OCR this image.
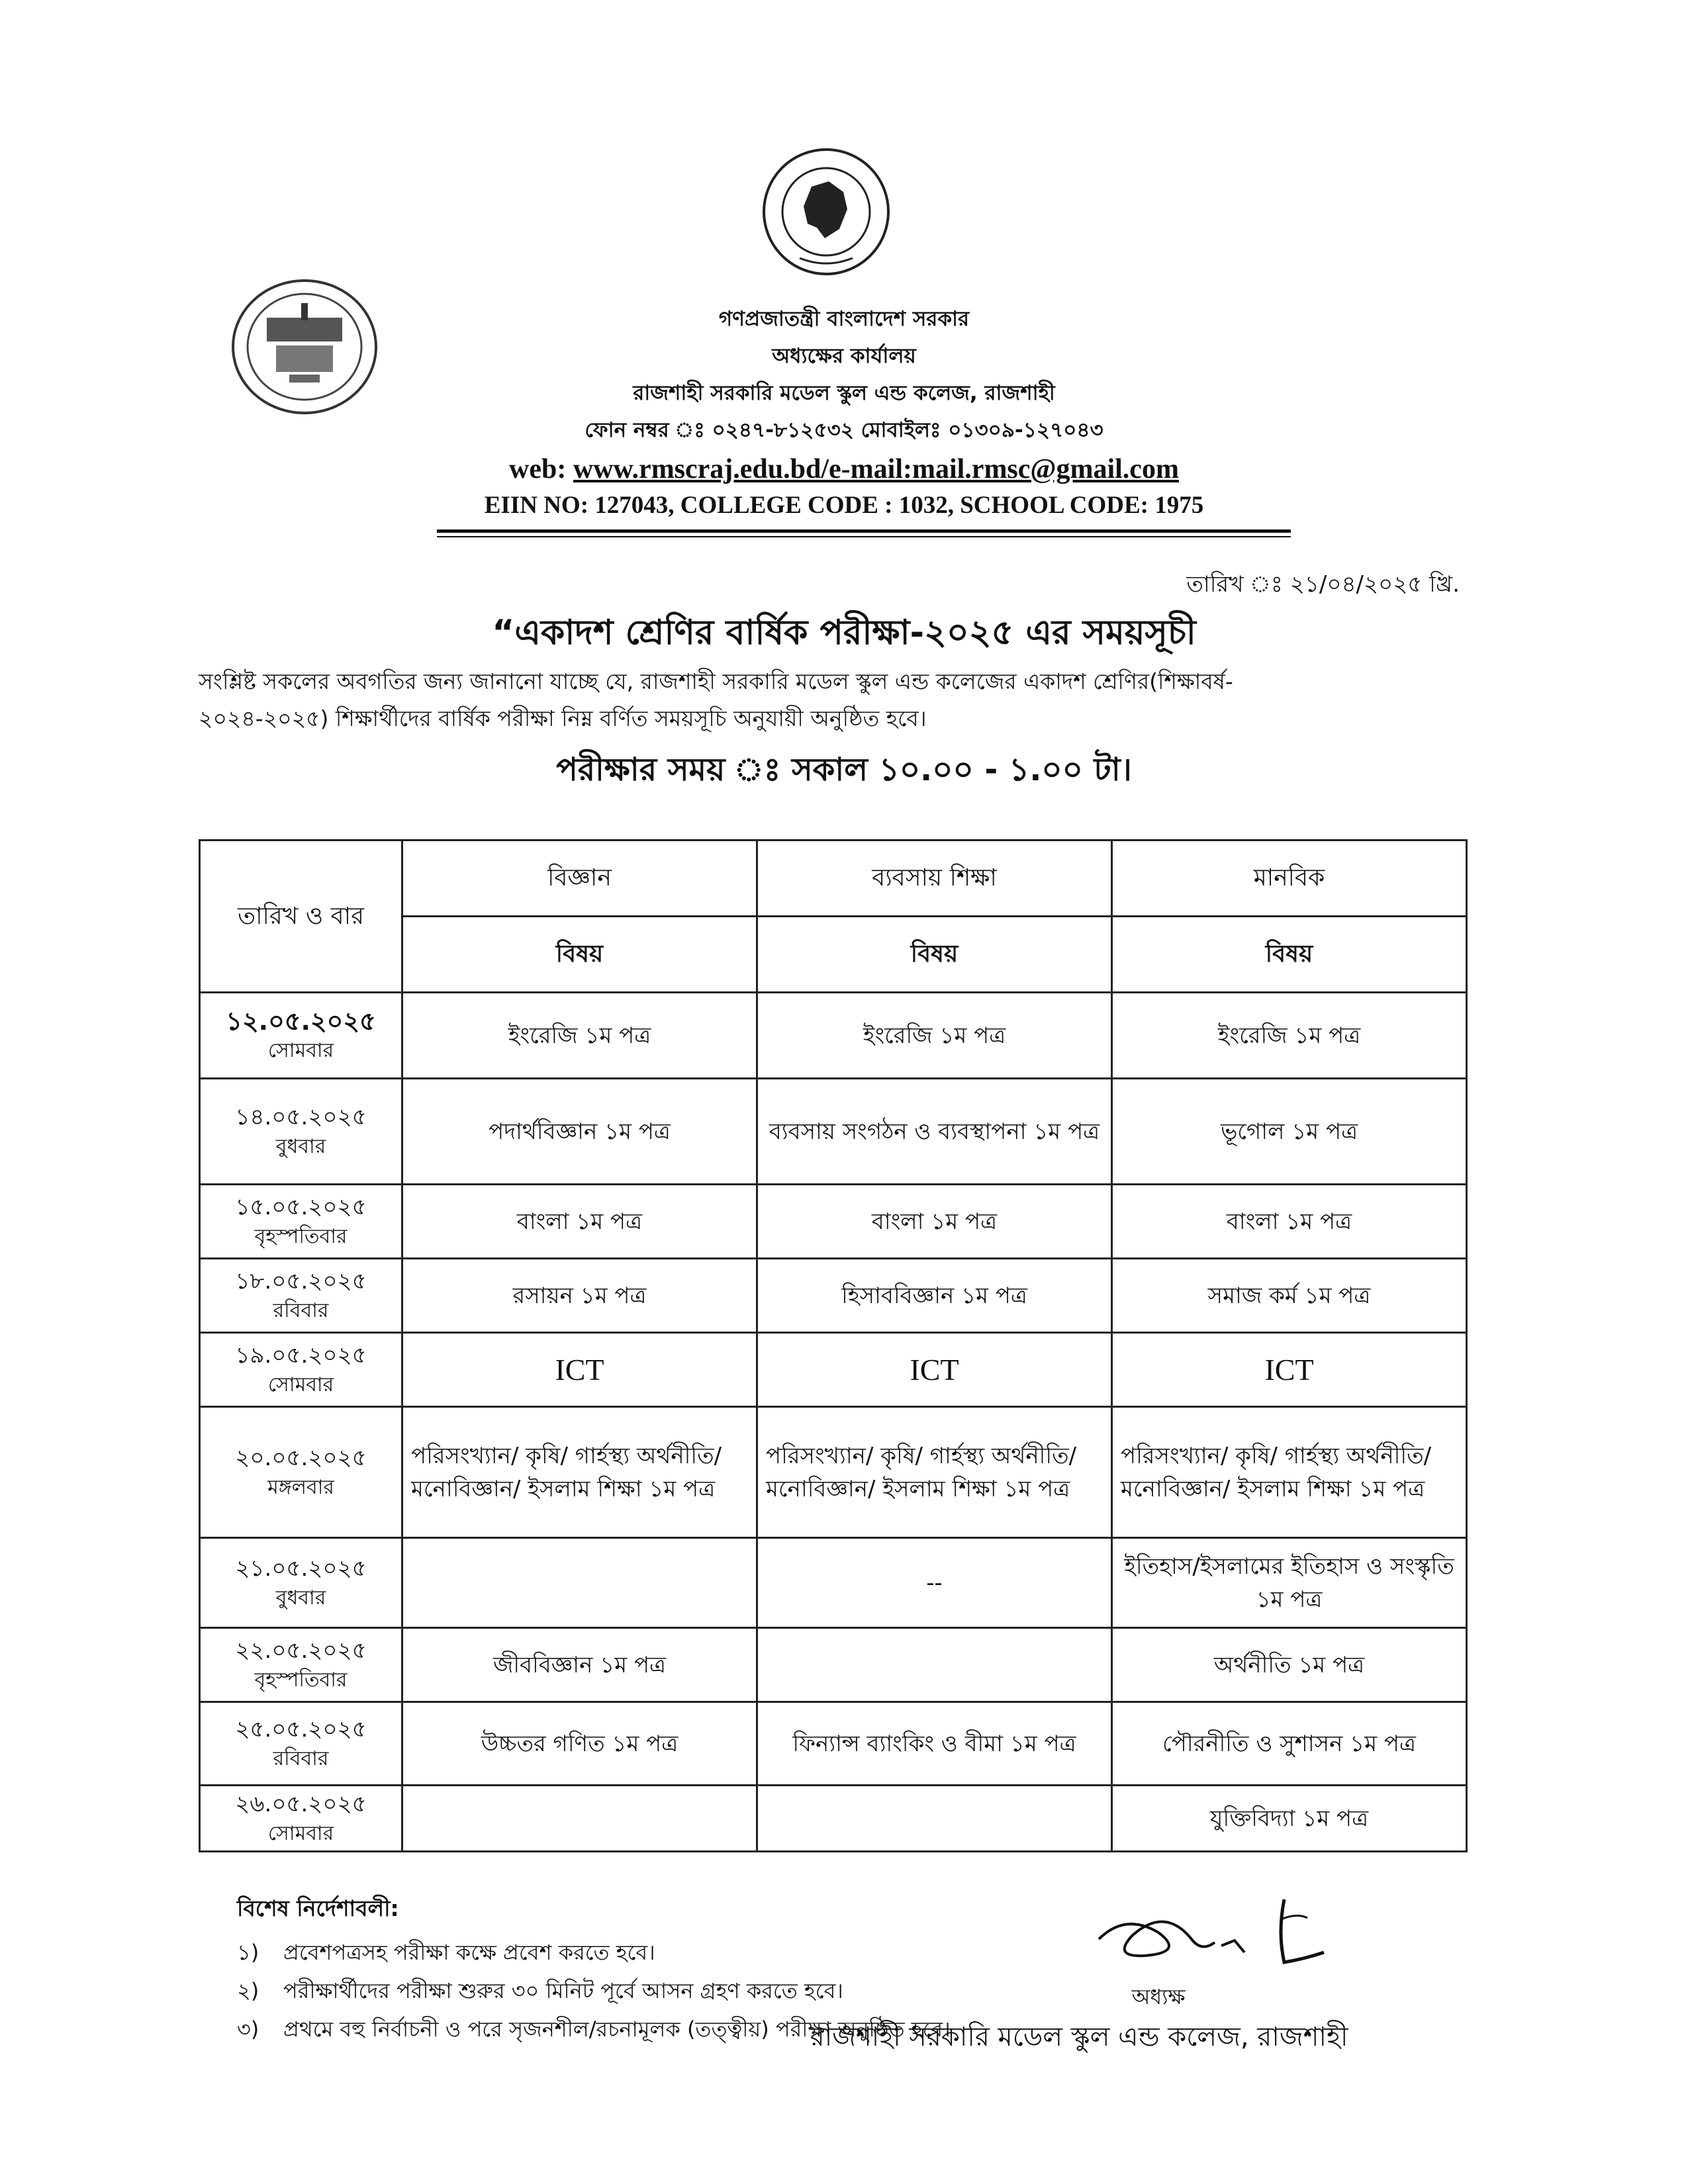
গণপ্রজাতন্ত্রী বাংলাদেশ সরকার
অধ্যক্ষের কার্যালয়
রাজশাহী সরকারি মডেল স্কুল এন্ড কলেজ, রাজশাহী
ফোন নম্বর ঃ ০২৪৭-৮১২৫৩২ মোবাইলঃ ০১৩০৯-১২৭০৪৩
web: www.rmscraj.edu.bd/e-mail:mail.rmsc@gmail.com
EIIN NO: 127043, COLLEGE CODE : 1032, SCHOOL CODE: 1975
তারিখ ঃ ২১/০৪/২০২৫ খ্রি.
“একাদশ শ্রেণির বার্ষিক পরীক্ষা-২০২৫ এর সময়সূচী
সংশ্লিষ্ট সকলের অবগতির জন্য জানানো যাচ্ছে যে, রাজশাহী সরকারি মডেল স্কুল এন্ড কলেজের একাদশ শ্রেণির(শিক্ষাবর্ষ-
২০২৪-২০২৫) শিক্ষার্থীদের বার্ষিক পরীক্ষা নিম্ন বর্ণিত সময়সূচি অনুযায়ী অনুষ্ঠিত হবে।
পরীক্ষার সময় ঃ সকাল ১০.০০ - ১.০০ টা।
তারিখ ও বার	বিজ্ঞান	ব্যবসায় শিক্ষা	মানবিক
	বিষয়	বিষয়	বিষয়

১২.০৫.২০২৫
সোমবার	ইংরেজি ১ম পত্র	ইংরেজি ১ম পত্র	ইংরেজি ১ম পত্র

১৪.০৫.২০২৫
বুধবার	পদার্থবিজ্ঞান ১ম পত্র	ব্যবসায় সংগঠন ও ব্যবস্থাপনা ১ম পত্র	ভূগোল ১ম পত্র

১৫.০৫.২০২৫
বৃহস্পতিবার	বাংলা ১ম পত্র	বাংলা ১ম পত্র	বাংলা ১ম পত্র

১৮.০৫.২০২৫
রবিবার	রসায়ন ১ম পত্র	হিসাববিজ্ঞান ১ম পত্র	সমাজ কর্ম ১ম পত্র

১৯.০৫.২০২৫
সোমবার	ICT	ICT	ICT

২০.০৫.২০২৫
মঙ্গলবার	পরিসংখ্যান/ কৃষি/ গার্হস্থ্য অর্থনীতি/ মনোবিজ্ঞান/ ইসলাম শিক্ষা ১ম পত্র	পরিসংখ্যান/ কৃষি/ গার্হস্থ্য অর্থনীতি/ মনোবিজ্ঞান/ ইসলাম শিক্ষা ১ম পত্র	পরিসংখ্যান/ কৃষি/ গার্হস্থ্য অর্থনীতি/ মনোবিজ্ঞান/ ইসলাম শিক্ষা ১ম পত্র

২১.০৫.২০২৫
বুধবার		--	ইতিহাস/ইসলামের ইতিহাস ও সংস্কৃতি ১ম পত্র

২২.০৫.২০২৫
বৃহস্পতিবার	জীববিজ্ঞান ১ম পত্র		অর্থনীতি ১ম পত্র

২৫.০৫.২০২৫
রবিবার	উচ্চতর গণিত ১ম পত্র	ফিন্যান্স ব্যাংকিং ও বীমা ১ম পত্র	পৌরনীতি ও সুশাসন ১ম পত্র

২৬.০৫.২০২৫
সোমবার			যুক্তিবিদ্যা ১ম পত্র
বিশেষ নির্দেশাবলী:
১) প্রবেশপত্রসহ পরীক্ষা কক্ষে প্রবেশ করতে হবে।
২) পরীক্ষার্থীদের পরীক্ষা শুরুর ৩০ মিনিট পূর্বে আসন গ্রহণ করতে হবে।
৩) প্রথমে বহু নির্বাচনী ও পরে সৃজনশীল/রচনামূলক (তত্ত্বীয়) পরীক্ষা অনুষ্ঠিত হবে।
অধ্যক্ষ
রাজশাহী সরকারি মডেল স্কুল এন্ড কলেজ, রাজশাহী
